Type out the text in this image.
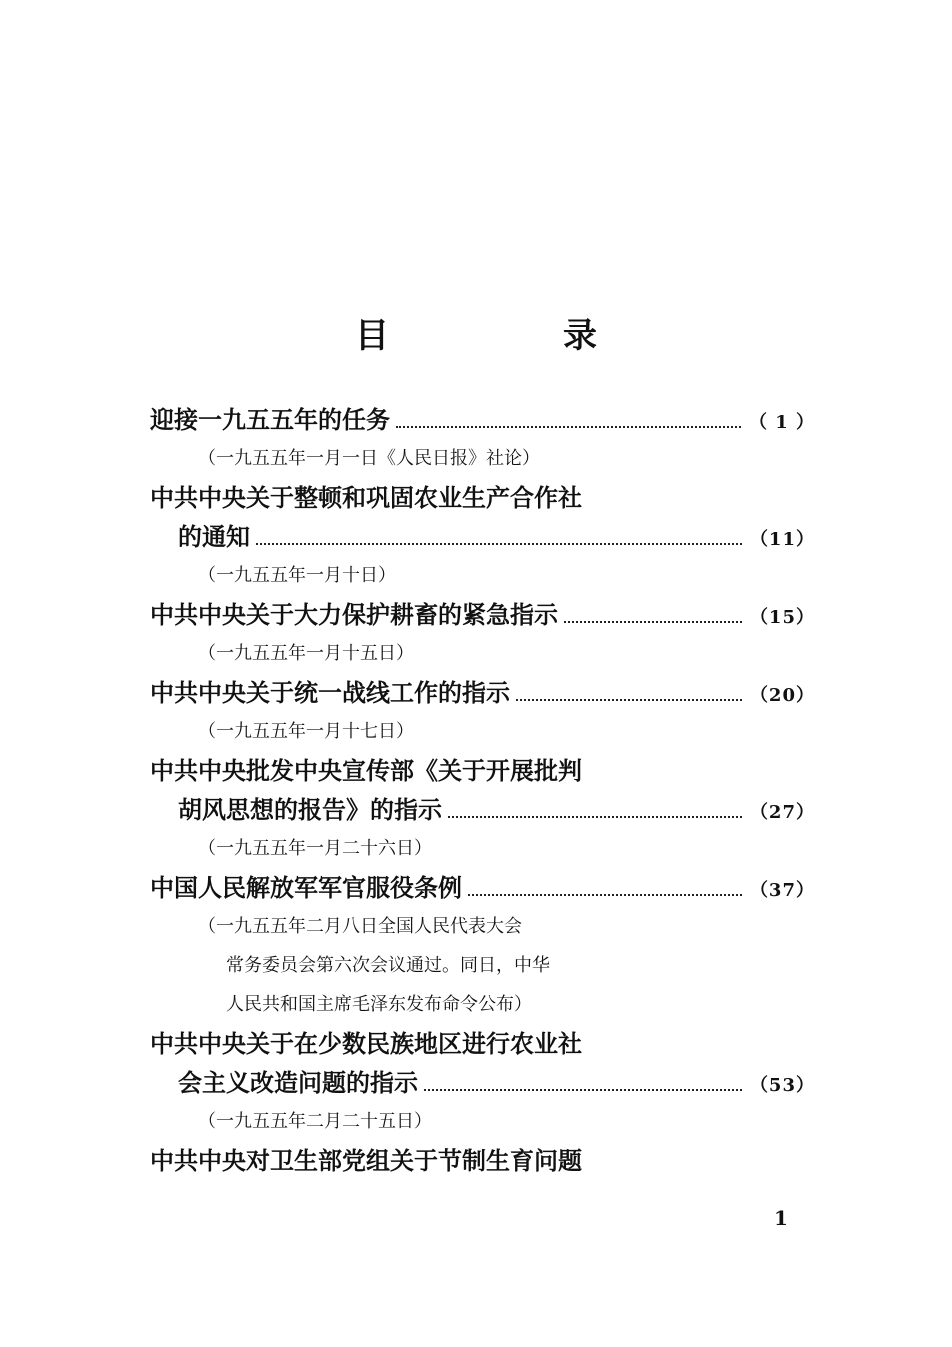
目　录
迎接一九五五年的任务	（ 1 ）
（一九五五年一月一日《人民日报》社论）
中共中央关于整顿和巩固农业生产合作社
的通知	（11）
（一九五五年一月十日）
中共中央关于大力保护耕畜的紧急指示	（15）
（一九五五年一月十五日）
中共中央关于统一战线工作的指示	（20）
（一九五五年一月十七日）
中共中央批发中央宣传部《关于开展批判
胡风思想的报告》的指示	（27）
（一九五五年一月二十六日）
中国人民解放军军官服役条例	（37）
（一九五五年二月八日全国人民代表大会
常务委员会第六次会议通过。同日，中华
人民共和国主席毛泽东发布命令公布）
中共中央关于在少数民族地区进行农业社
会主义改造问题的指示	（53）
（一九五五年二月二十五日）
中共中央对卫生部党组关于节制生育问题
1
